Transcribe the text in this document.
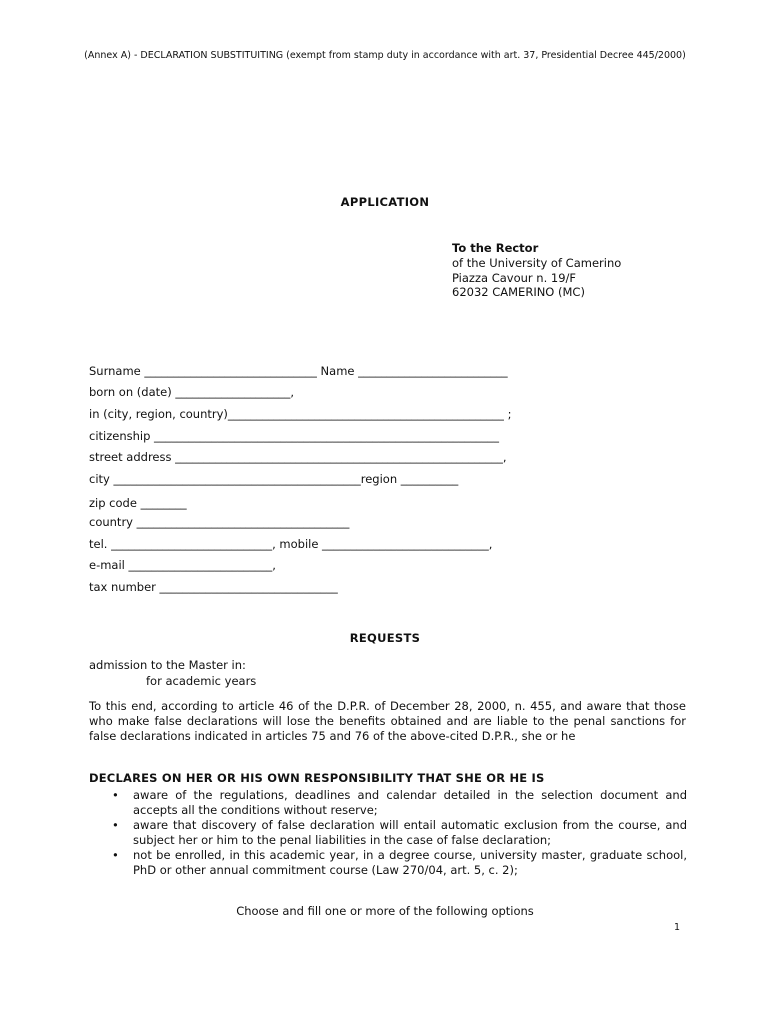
(Annex A) - DECLARATION SUBSTITUITING (exempt from stamp duty in accordance with art. 37, Presidential Decree 445/2000)
APPLICATION
To the Rector
of the University of Camerino
Piazza Cavour n. 19/F
62032 CAMERINO (MC)
Surname ______________________________ Name __________________________
born on (date) ____________________,
in (city, region, country)________________________________________________ ;
citizenship ____________________________________________________________
street address _________________________________________________________,
city ___________________________________________region __________
zip code ________
country _____________________________________
tel. ____________________________, mobile _____________________________,
e-mail _________________________,
tax number _______________________________
REQUESTS
admission to the Master in:
for academic years
To this end, according to article 46 of the D.P.R. of December 28, 2000, n. 455, and aware that those who make false declarations will lose the benefits obtained and are liable to the penal sanctions for false declarations indicated in articles 75 and 76 of the above-cited D.P.R., she or he
DECLARES ON HER OR HIS OWN RESPONSIBILITY THAT SHE OR HE IS
• aware of the regulations, deadlines and calendar detailed in the selection document and accepts all the conditions without reserve;
• aware that discovery of false declaration will entail automatic exclusion from the course, and subject her or him to the penal liabilities in the case of false declaration;
• not be enrolled, in this academic year, in a degree course, university master, graduate school, PhD or other annual commitment course (Law 270/04, art. 5, c. 2);
Choose and fill one or more of the following options
1
